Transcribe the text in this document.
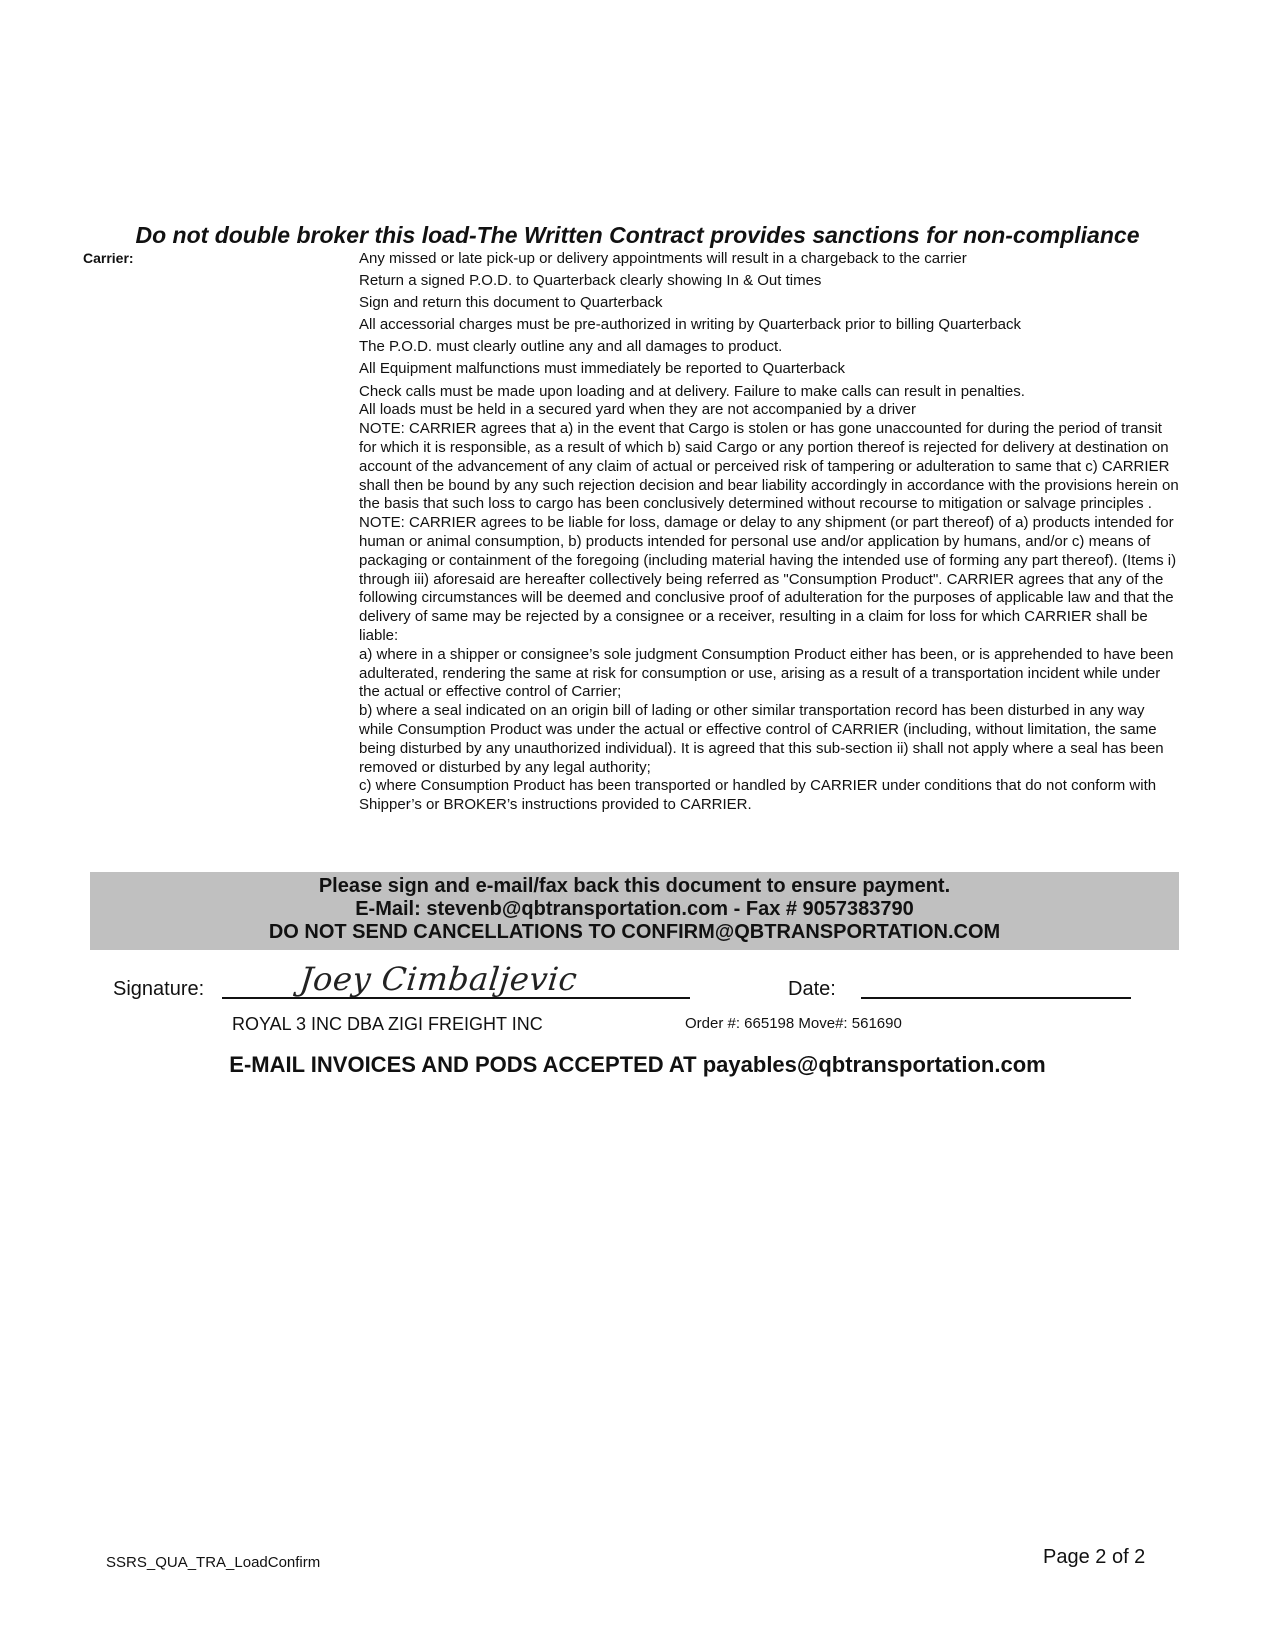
Do not double broker this load-The Written Contract provides sanctions for non-compliance
Carrier:	Any missed or late pick-up or delivery appointments will result in a chargeback to the carrier
Return a signed P.O.D. to Quarterback clearly showing In & Out times
Sign and return this document to Quarterback
All accessorial charges must be pre-authorized in writing by Quarterback prior to billing Quarterback
The P.O.D. must clearly outline any and all damages to product.
All Equipment malfunctions must immediately be reported to Quarterback
Check calls must be made upon loading and at delivery. Failure to make calls can result in penalties.
All loads must be held in a secured yard when they are not accompanied by a driver
NOTE: CARRIER agrees that a) in the event that Cargo is stolen or has gone unaccounted for during the period of transit for which it is responsible, as a result of which b) said Cargo or any portion thereof is rejected for delivery at destination on account of the advancement of any claim of actual or perceived risk of tampering or adulteration to same that c) CARRIER shall then be bound by any such rejection decision and bear liability accordingly in accordance with the provisions herein on the basis that such loss to cargo has been conclusively determined without recourse to mitigation or salvage principles .
NOTE: CARRIER agrees to be liable for loss, damage or delay to any shipment (or part thereof) of a) products intended for human or animal consumption, b) products intended for personal use and/or application by humans, and/or c) means of packaging or containment of the foregoing (including material having the intended use of forming any part thereof). (Items i) through iii) aforesaid are hereafter collectively being referred as "Consumption Product". CARRIER agrees that any of the following circumstances will be deemed and conclusive proof of adulteration for the purposes of applicable law and that the delivery of same may be rejected by a consignee or a receiver, resulting in a claim for loss for which CARRIER shall be liable:
a) where in a shipper or consignee’s sole judgment Consumption Product either has been, or is apprehended to have been adulterated, rendering the same at risk for consumption or use, arising as a result of a transportation incident while under the actual or effective control of Carrier;
b) where a seal indicated on an origin bill of lading or other similar transportation record has been disturbed in any way while Consumption Product was under the actual or effective control of CARRIER (including, without limitation, the same being disturbed by any unauthorized individual). It is agreed that this sub-section ii) shall not apply where a seal has been removed or disturbed by any legal authority;
c) where Consumption Product has been transported or handled by CARRIER under conditions that do not conform with Shipper’s or BROKER’s instructions provided to CARRIER.
Please sign and e-mail/fax back this document to ensure payment.
E-Mail: stevenb@qbtransportation.com - Fax # 9057383790
DO NOT SEND CANCELLATIONS TO CONFIRM@QBTRANSPORTATION.COM
Signature:	Joey Cimbaljevic	Date:
ROYAL 3 INC DBA ZIGI FREIGHT INC	Order #: 665198 Move#: 561690
E-MAIL INVOICES AND PODS ACCEPTED AT payables@qbtransportation.com
SSRS_QUA_TRA_LoadConfirm	Page 2 of 2
